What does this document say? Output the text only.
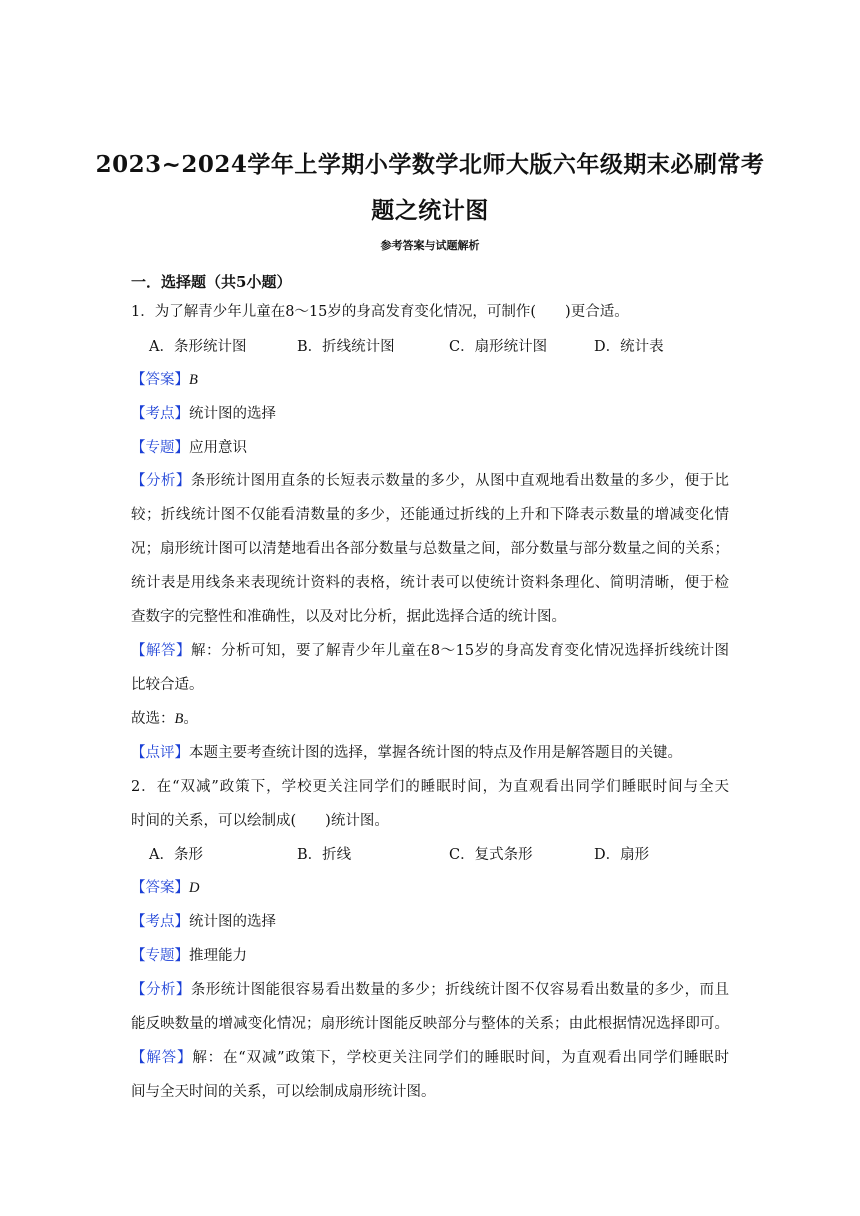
2023~2024学年上学期小学数学北师大版六年级期末必刷常考
题之统计图
参考答案与试题解析
一．选择题（共5小题）
1．为了解青少年儿童在8～15岁的身高发育变化情况，可制作(　　)更合适。
A．条形统计图	B．折线统计图	C．扇形统计图	D．统计表
【答案】B
【考点】统计图的选择
【专题】应用意识
【分析】条形统计图用直条的长短表示数量的多少，从图中直观地看出数量的多少，便于比
较；折线统计图不仅能看清数量的多少，还能通过折线的上升和下降表示数量的增减变化情
况；扇形统计图可以清楚地看出各部分数量与总数量之间，部分数量与部分数量之间的关系；
统计表是用线条来表现统计资料的表格，统计表可以使统计资料条理化、简明清晰，便于检
查数字的完整性和准确性，以及对比分析，据此选择合适的统计图。
【解答】解：分析可知，要了解青少年儿童在8～15岁的身高发育变化情况选择折线统计图
比较合适。
故选：B。
【点评】本题主要考查统计图的选择，掌握各统计图的特点及作用是解答题目的关键。
2．在“双减”政策下，学校更关注同学们的睡眠时间，为直观看出同学们睡眠时间与全天
时间的关系，可以绘制成(　　)统计图。
A．条形	B．折线	C．复式条形	D．扇形
【答案】D
【考点】统计图的选择
【专题】推理能力
【分析】条形统计图能很容易看出数量的多少；折线统计图不仅容易看出数量的多少，而且
能反映数量的增减变化情况；扇形统计图能反映部分与整体的关系；由此根据情况选择即可。
【解答】解：在“双减”政策下，学校更关注同学们的睡眠时间，为直观看出同学们睡眠时
间与全天时间的关系，可以绘制成扇形统计图。
